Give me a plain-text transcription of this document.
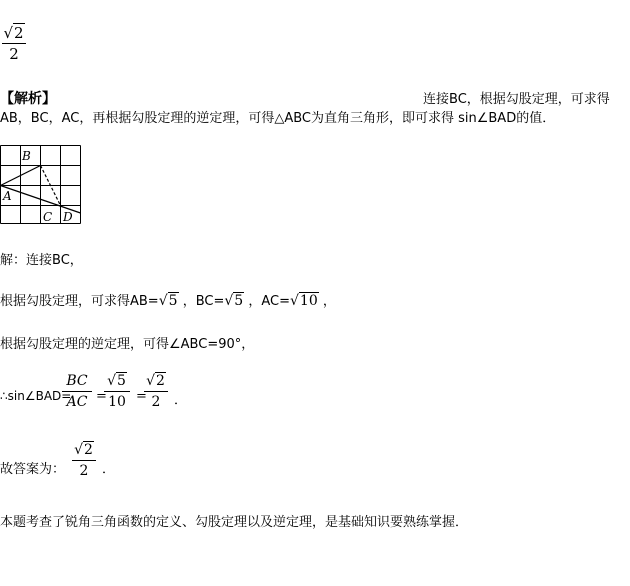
√2
2
【解析】	连接BC，根据勾股定理，可求得
AB，BC，AC，再根据勾股定理的逆定理，可得△ABC为直角三角形，即可求得 sin∠BAD的值．
B
A
C D
解：连接BC，
根据勾股定理，可求得AB=√5 ，BC=√5 ，AC=√10 ，
根据勾股定理的逆定理，可得∠ABC=90°，
∴sin∠BAD=
BC
AC =
√5
10 =
√2
2	．
故答案为：
√2
2	．
本题考查了锐角三角函数的定义、勾股定理以及逆定理，是基础知识要熟练掌握．
